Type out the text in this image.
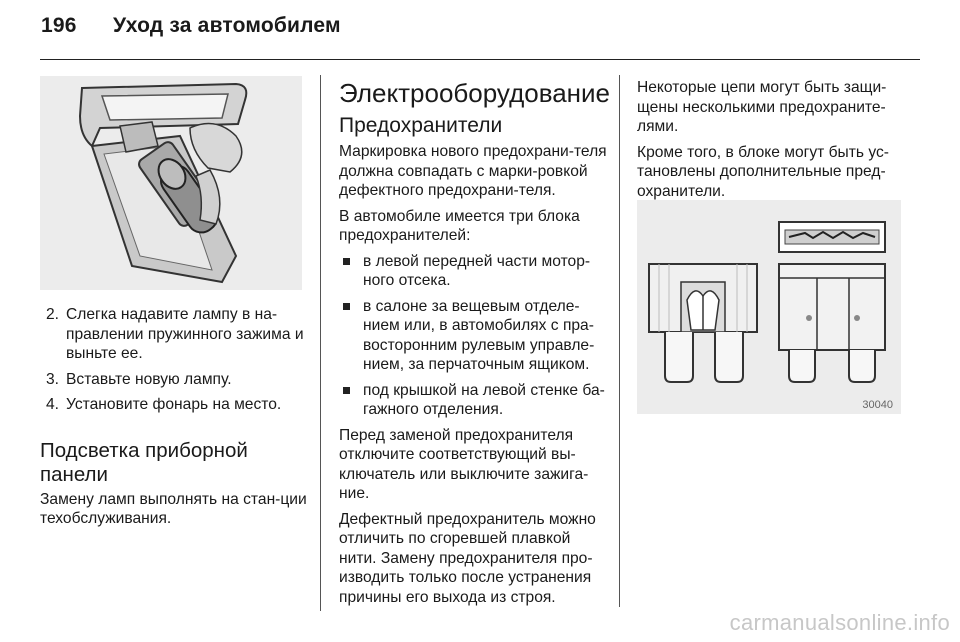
196 Уход за автомобилем
2. Слегка надавите лампу в на-правлении пружинного зажима и выньте ее.
3. Вставьте новую лампу.
4. Установите фонарь на место.
Подсветка приборной панели

Замену ламп выполнять на стан-ции техобслуживания.

Электрооборудование
Предохранители

Маркировка нового предохрани-теля должна совпадать с марки-ровкой дефектного предохрани-теля.

В автомобиле имеется три блока предохранителей:

в левой передней части мотор-ного отсека.
в салоне за вещевым отделе-нием или, в автомобилях с пра-восторонним рулевым управле-нием, за перчаточным ящиком.
под крышкой на левой стенке ба-гажного отделения.

Перед заменой предохранителя отключите соответствующий вы-ключатель или выключите зажига-ние.

Дефектный предохранитель можно отличить по сгоревшей плавкой нити. Замену предохранителя про-изводить только после устранения причины его выхода из строя.

Некоторые цепи могут быть защи-щены несколькими предохраните-лями.

Кроме того, в блоке могут быть ус-тановлены дополнительные пред-охранители.

30040
carmanualsonline.info
